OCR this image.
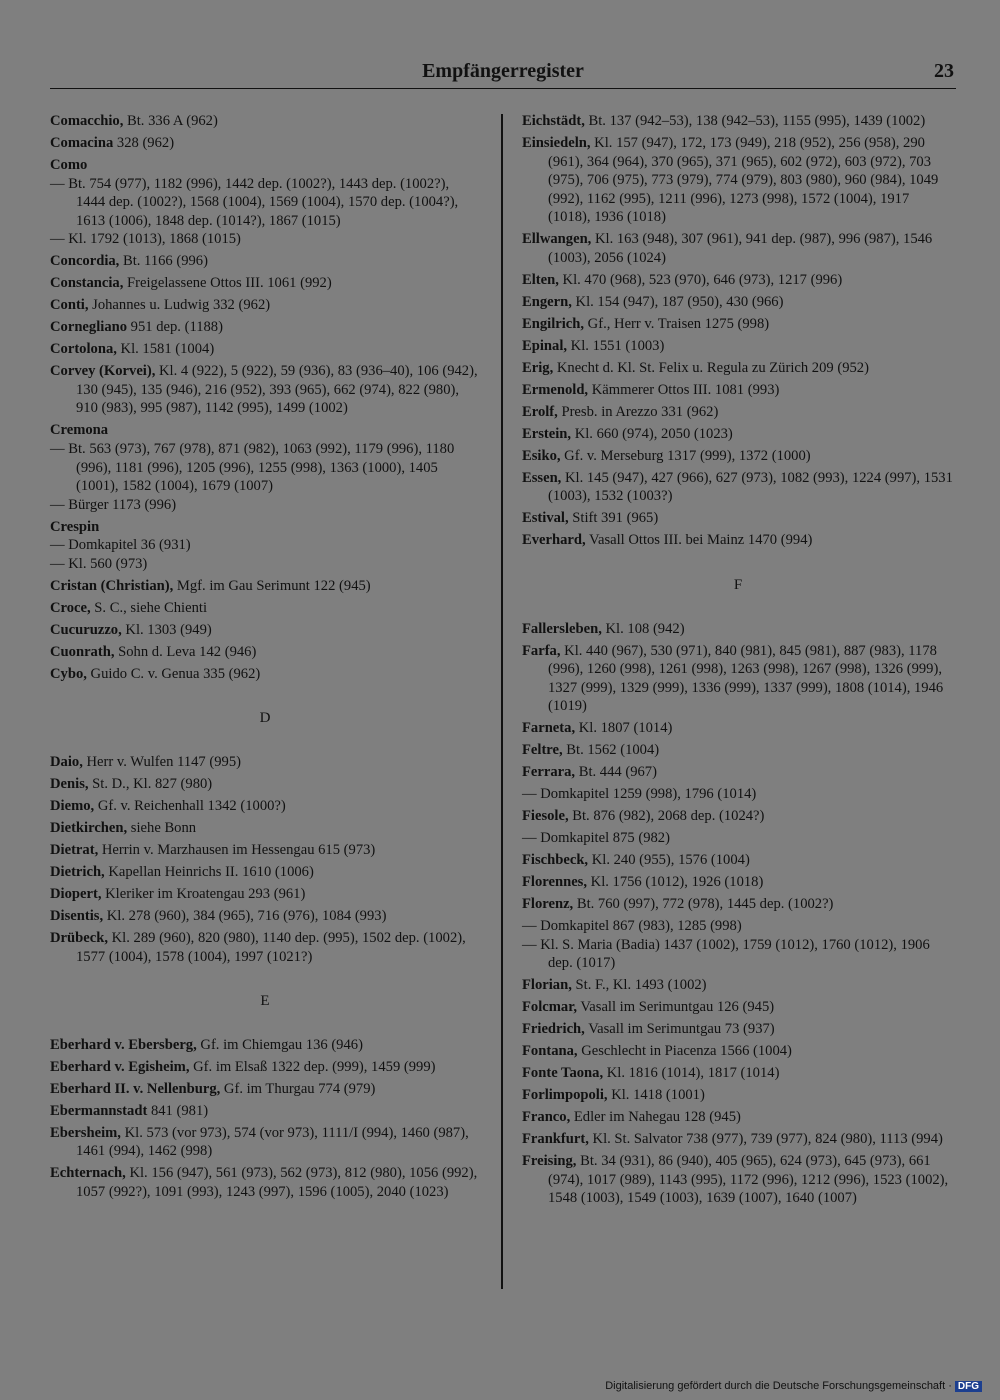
Empfängerregister	23
Comacchio, Bt. 336 A (962)
Comacina 328 (962)
Como
— Bt. 754 (977), 1182 (996), 1442 dep. (1002?), 1443 dep. (1002?), 1444 dep. (1002?), 1568 (1004), 1569 (1004), 1570 dep. (1004?), 1613 (1006), 1848 dep. (1014?), 1867 (1015)
— Kl. 1792 (1013), 1868 (1015)
Concordia, Bt. 1166 (996)
Constancia, Freigelassene Ottos III. 1061 (992)
Conti, Johannes u. Ludwig 332 (962)
Cornegliano 951 dep. (1188)
Cortolona, Kl. 1581 (1004)
Corvey (Korvei), Kl. 4 (922), 5 (922), 59 (936), 83 (936–40), 106 (942), 130 (945), 135 (946), 216 (952), 393 (965), 662 (974), 822 (980), 910 (983), 995 (987), 1142 (995), 1499 (1002)
Cremona
— Bt. 563 (973), 767 (978), 871 (982), 1063 (992), 1179 (996), 1180 (996), 1181 (996), 1205 (996), 1255 (998), 1363 (1000), 1405 (1001), 1582 (1004), 1679 (1007)
— Bürger 1173 (996)
Crespin
— Domkapitel 36 (931)
— Kl. 560 (973)
Cristan (Christian), Mgf. im Gau Serimunt 122 (945)
Croce, S. C., siehe Chienti
Cucuruzzo, Kl. 1303 (949)
Cuonrath, Sohn d. Leva 142 (946)
Cybo, Guido C. v. Genua 335 (962)
D
Daio, Herr v. Wulfen 1147 (995)
Denis, St. D., Kl. 827 (980)
Diemo, Gf. v. Reichenhall 1342 (1000?)
Dietkirchen, siehe Bonn
Dietrat, Herrin v. Marzhausen im Hessengau 615 (973)
Dietrich, Kapellan Heinrichs II. 1610 (1006)
Diopert, Kleriker im Kroatengau 293 (961)
Disentis, Kl. 278 (960), 384 (965), 716 (976), 1084 (993)
Drübeck, Kl. 289 (960), 820 (980), 1140 dep. (995), 1502 dep. (1002), 1577 (1004), 1578 (1004), 1997 (1021?)
E
Eberhard v. Ebersberg, Gf. im Chiemgau 136 (946)
Eberhard v. Egisheim, Gf. im Elsaß 1322 dep. (999), 1459 (999)
Eberhard II. v. Nellenburg, Gf. im Thurgau 774 (979)
Ebermannstadt 841 (981)
Ebersheim, Kl. 573 (vor 973), 574 (vor 973), 1111/I (994), 1460 (987), 1461 (994), 1462 (998)
Echternach, Kl. 156 (947), 561 (973), 562 (973), 812 (980), 1056 (992), 1057 (992?), 1091 (993), 1243 (997), 1596 (1005), 2040 (1023)
Eichstädt, Bt. 137 (942–53), 138 (942–53), 1155 (995), 1439 (1002)
Einsiedeln, Kl. 157 (947), 172, 173 (949), 218 (952), 256 (958), 290 (961), 364 (964), 370 (965), 371 (965), 602 (972), 603 (972), 703 (975), 706 (975), 773 (979), 774 (979), 803 (980), 960 (984), 1049 (992), 1162 (995), 1211 (996), 1273 (998), 1572 (1004), 1917 (1018), 1936 (1018)
Ellwangen, Kl. 163 (948), 307 (961), 941 dep. (987), 996 (987), 1546 (1003), 2056 (1024)
Elten, Kl. 470 (968), 523 (970), 646 (973), 1217 (996)
Engern, Kl. 154 (947), 187 (950), 430 (966)
Engilrich, Gf., Herr v. Traisen 1275 (998)
Epinal, Kl. 1551 (1003)
Erig, Knecht d. Kl. St. Felix u. Regula zu Zürich 209 (952)
Ermenold, Kämmerer Ottos III. 1081 (993)
Erolf, Presb. in Arezzo 331 (962)
Erstein, Kl. 660 (974), 2050 (1023)
Esiko, Gf. v. Merseburg 1317 (999), 1372 (1000)
Essen, Kl. 145 (947), 427 (966), 627 (973), 1082 (993), 1224 (997), 1531 (1003), 1532 (1003?)
Estival, Stift 391 (965)
Everhard, Vasall Ottos III. bei Mainz 1470 (994)
F
Fallersleben, Kl. 108 (942)
Farfa, Kl. 440 (967), 530 (971), 840 (981), 845 (981), 887 (983), 1178 (996), 1260 (998), 1261 (998), 1263 (998), 1267 (998), 1326 (999), 1327 (999), 1329 (999), 1336 (999), 1337 (999), 1808 (1014), 1946 (1019)
Farneta, Kl. 1807 (1014)
Feltre, Bt. 1562 (1004)
Ferrara, Bt. 444 (967)
— Domkapitel 1259 (998), 1796 (1014)
Fiesole, Bt. 876 (982), 2068 dep. (1024?)
— Domkapitel 875 (982)
Fischbeck, Kl. 240 (955), 1576 (1004)
Florennes, Kl. 1756 (1012), 1926 (1018)
Florenz, Bt. 760 (997), 772 (978), 1445 dep. (1002?)
— Domkapitel 867 (983), 1285 (998)
— Kl. S. Maria (Badia) 1437 (1002), 1759 (1012), 1760 (1012), 1906 dep. (1017)
Florian, St. F., Kl. 1493 (1002)
Folcmar, Vasall im Serimuntgau 126 (945)
Friedrich, Vasall im Serimuntgau 73 (937)
Fontana, Geschlecht in Piacenza 1566 (1004)
Fonte Taona, Kl. 1816 (1014), 1817 (1014)
Forlimpopoli, Kl. 1418 (1001)
Franco, Edler im Nahegau 128 (945)
Frankfurt, Kl. St. Salvator 738 (977), 739 (977), 824 (980), 1113 (994)
Freising, Bt. 34 (931), 86 (940), 405 (965), 624 (973), 645 (973), 661 (974), 1017 (989), 1143 (995), 1172 (996), 1212 (996), 1523 (1002), 1548 (1003), 1549 (1003), 1639 (1007), 1640 (1007)
Digitalisierung gefördert durch die Deutsche Forschungsgemeinschaft · DFG
